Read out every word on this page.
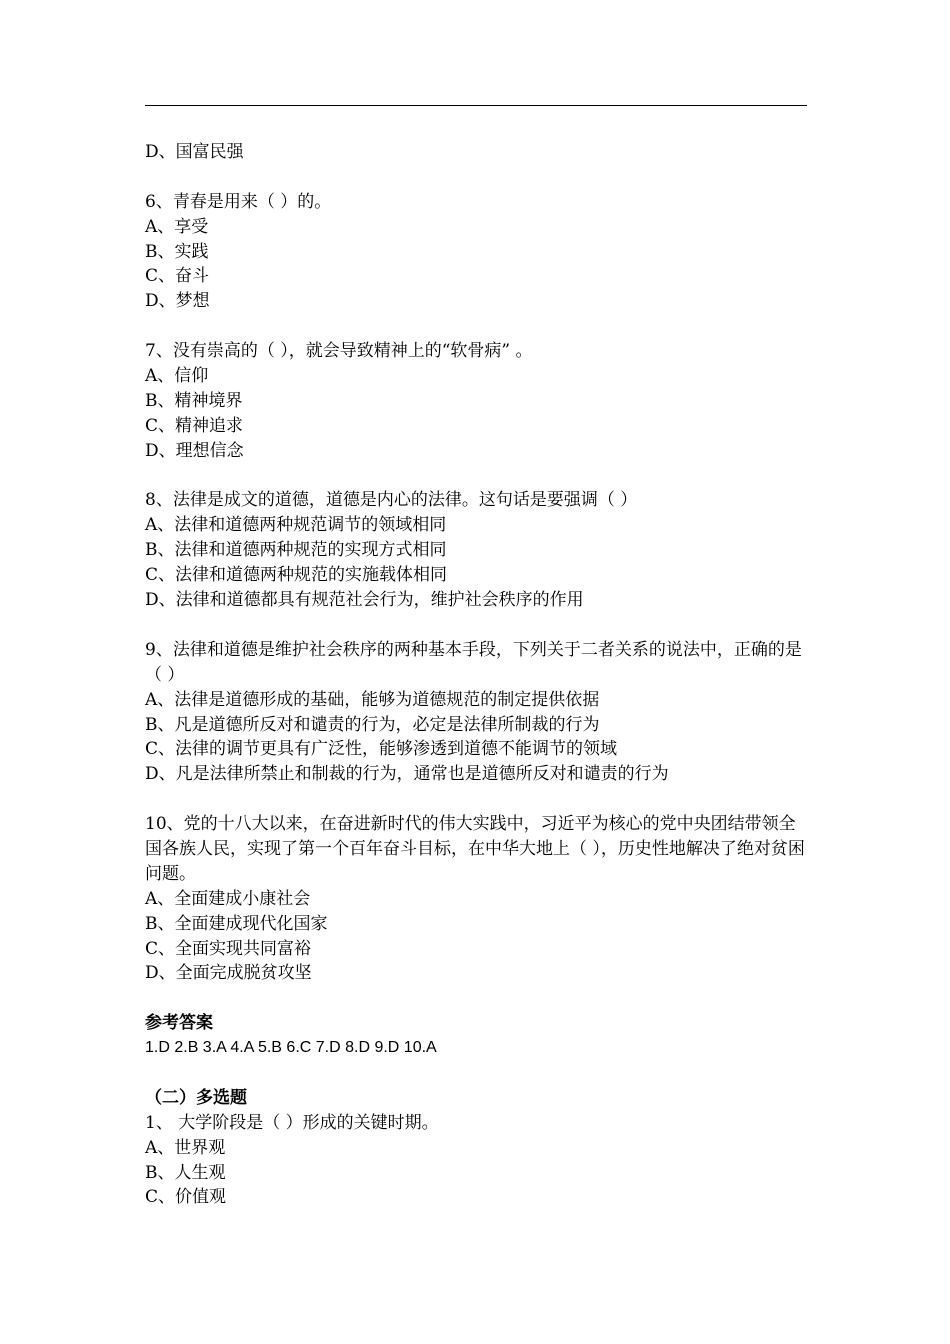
D、国富民强

6、青春是用来（ ）的。

A、享受

B、实践

C、奋斗

D、梦想

7、没有崇高的（ ），就会导致精神上的“软骨病” 。

A、信仰

B、精神境界

C、精神追求

D、理想信念

8、法律是成文的道德，道德是内心的法律。这句话是要强调（ ）

A、法律和道德两种规范调节的领域相同

B、法律和道德两种规范的实现方式相同

C、法律和道德两种规范的实施载体相同

D、法律和道德都具有规范社会行为，维护社会秩序的作用

9、法律和道德是维护社会秩序的两种基本手段，下列关于二者关系的说法中，正确的是（ ）

A、法律是道德形成的基础，能够为道德规范的制定提供依据

B、凡是道德所反对和谴责的行为，必定是法律所制裁的行为

C、法律的调节更具有广泛性，能够渗透到道德不能调节的领域

D、凡是法律所禁止和制裁的行为，通常也是道德所反对和谴责的行为

10、党的十八大以来，在奋进新时代的伟大实践中，习近平为核心的党中央团结带领全国各族人民，实现了第一个百年奋斗目标，在中华大地上（ ），历史性地解决了绝对贫困问题。

A、全面建成小康社会

B、全面建成现代化国家

C、全面实现共同富裕

D、全面完成脱贫攻坚

参考答案

1.D 2.B 3.A 4.A 5.B 6.C 7.D 8.D 9.D 10.A

（二）多选题

1、 大学阶段是（ ）形成的关键时期。

A、世界观

B、人生观

C、价值观
